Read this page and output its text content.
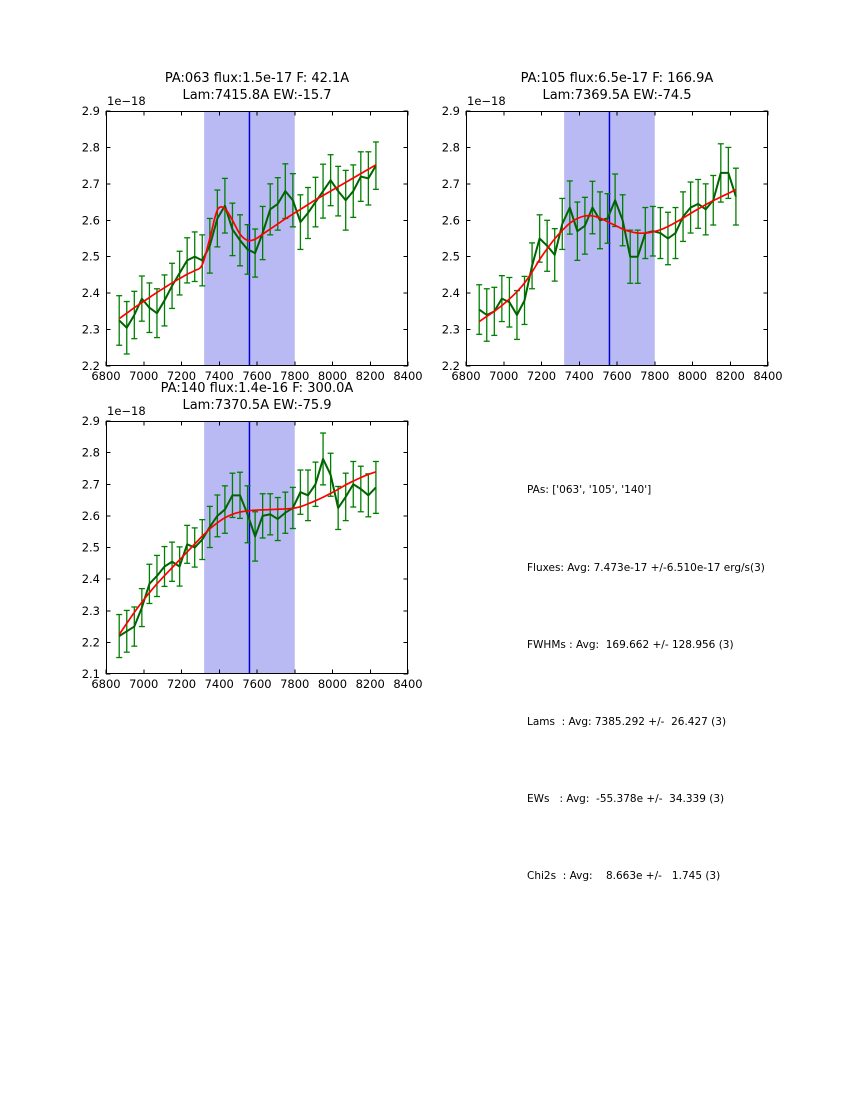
PA:063 flux:1.5e-17 F: 42.1A
Lam:7415.8A EW:-15.7
1e−18
6800 7000 7200 7400 7600 7800 8000 8200 8400
2.2
2.3
2.4
2.5
2.6
2.7
2.8
2.9
PA:105 flux:6.5e-17 F: 166.9A
Lam:7369.5A EW:-74.5
1e−18
6800 7000 7200 7400 7600 7800 8000 8200 8400
2.2
2.3
2.4
2.5
2.6
2.7
2.8
2.9
PA:140 flux:1.4e-16 F: 300.0A
Lam:7370.5A EW:-75.9
1e−18
6800 7000 7200 7400 7600 7800 8000 8200 8400
2.1
2.2
2.3
2.4
2.5
2.6
2.7
2.8
2.9

PAs: ['063', '105', '140']

Fluxes: Avg: 7.473e-17 +/-6.510e-17 erg/s(3)

FWHMs : Avg:  169.662 +/- 128.956 (3)

Lams  : Avg: 7385.292 +/-  26.427 (3)

EWs   : Avg:  -55.378e +/-  34.339 (3)

Chi2s  : Avg:    8.663e +/-   1.745 (3)
